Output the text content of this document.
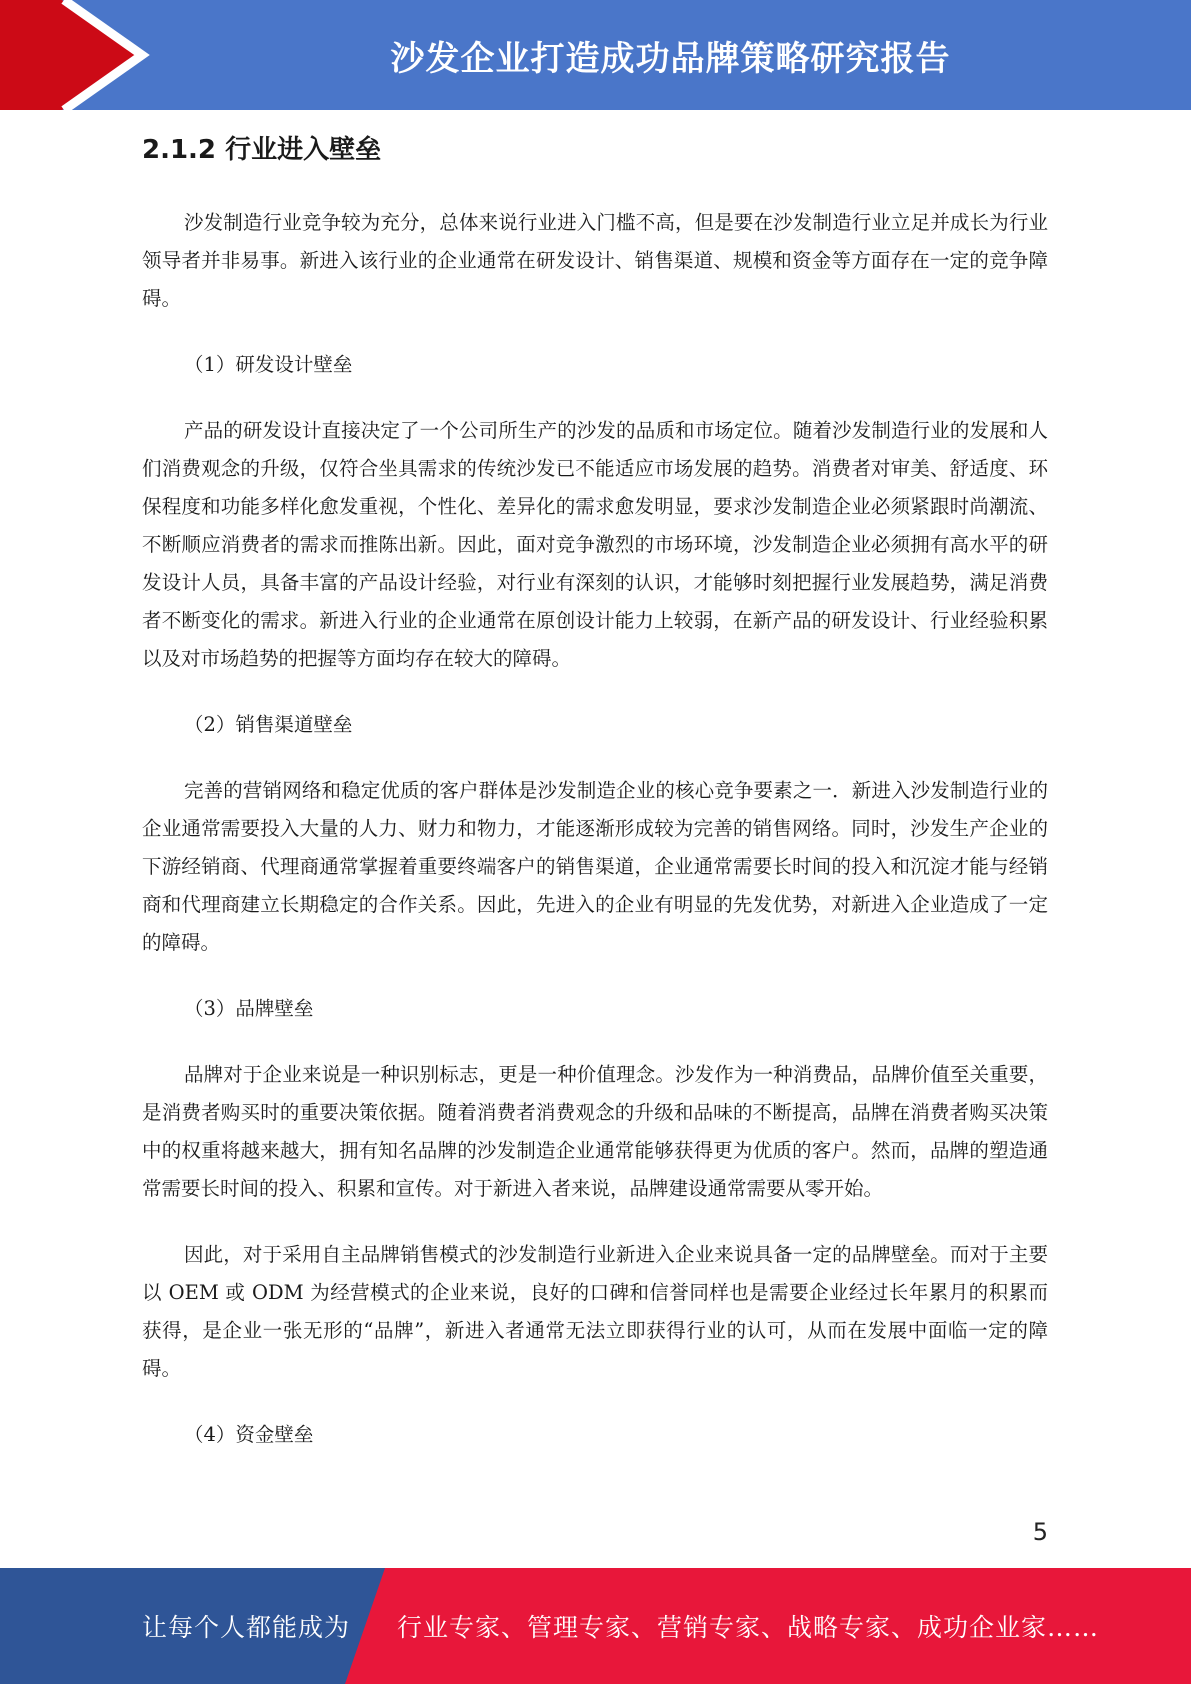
沙发企业打造成功品牌策略研究报告
2.1.2 行业进入壁垒

沙发制造行业竞争较为充分，总体来说行业进入门槛不高，但是要在沙发制造行业立足并成长为行业领导者并非易事。新进入该行业的企业通常在研发设计、销售渠道、规模和资金等方面存在一定的竞争障碍。

（1）研发设计壁垒

产品的研发设计直接决定了一个公司所生产的沙发的品质和市场定位。随着沙发制造行业的发展和人们消费观念的升级，仅符合坐具需求的传统沙发已不能适应市场发展的趋势。消费者对审美、舒适度、环保程度和功能多样化愈发重视，个性化、差异化的需求愈发明显，要求沙发制造企业必须紧跟时尚潮流、不断顺应消费者的需求而推陈出新。因此，面对竞争激烈的市场环境，沙发制造企业必须拥有高水平的研发设计人员，具备丰富的产品设计经验，对行业有深刻的认识，才能够时刻把握行业发展趋势，满足消费者不断变化的需求。新进入行业的企业通常在原创设计能力上较弱，在新产品的研发设计、行业经验积累以及对市场趋势的把握等方面均存在较大的障碍。

（2）销售渠道壁垒

完善的营销网络和稳定优质的客户群体是沙发制造企业的核心竞争要素之一．新进入沙发制造行业的企业通常需要投入大量的人力、财力和物力，才能逐渐形成较为完善的销售网络。同时，沙发生产企业的下游经销商、代理商通常掌握着重要终端客户的销售渠道，企业通常需要长时间的投入和沉淀才能与经销商和代理商建立长期稳定的合作关系。因此，先进入的企业有明显的先发优势，对新进入企业造成了一定的障碍。

（3）品牌壁垒

品牌对于企业来说是一种识别标志，更是一种价值理念。沙发作为一种消费品，品牌价值至关重要，是消费者购买时的重要决策依据。随着消费者消费观念的升级和品味的不断提高，品牌在消费者购买决策中的权重将越来越大，拥有知名品牌的沙发制造企业通常能够获得更为优质的客户。然而，品牌的塑造通常需要长时间的投入、积累和宣传。对于新进入者来说，品牌建设通常需要从零开始。

因此，对于采用自主品牌销售模式的沙发制造行业新进入企业来说具备一定的品牌壁垒。而对于主要以 OEM 或 ODM 为经营模式的企业来说，良好的口碑和信誉同样也是需要企业经过长年累月的积累而获得，是企业一张无形的“品牌”，新进入者通常无法立即获得行业的认可，从而在发展中面临一定的障碍。

（4）资金壁垒

5
让每个人都能成为 行业专家、管理专家、营销专家、战略专家、成功企业家……
